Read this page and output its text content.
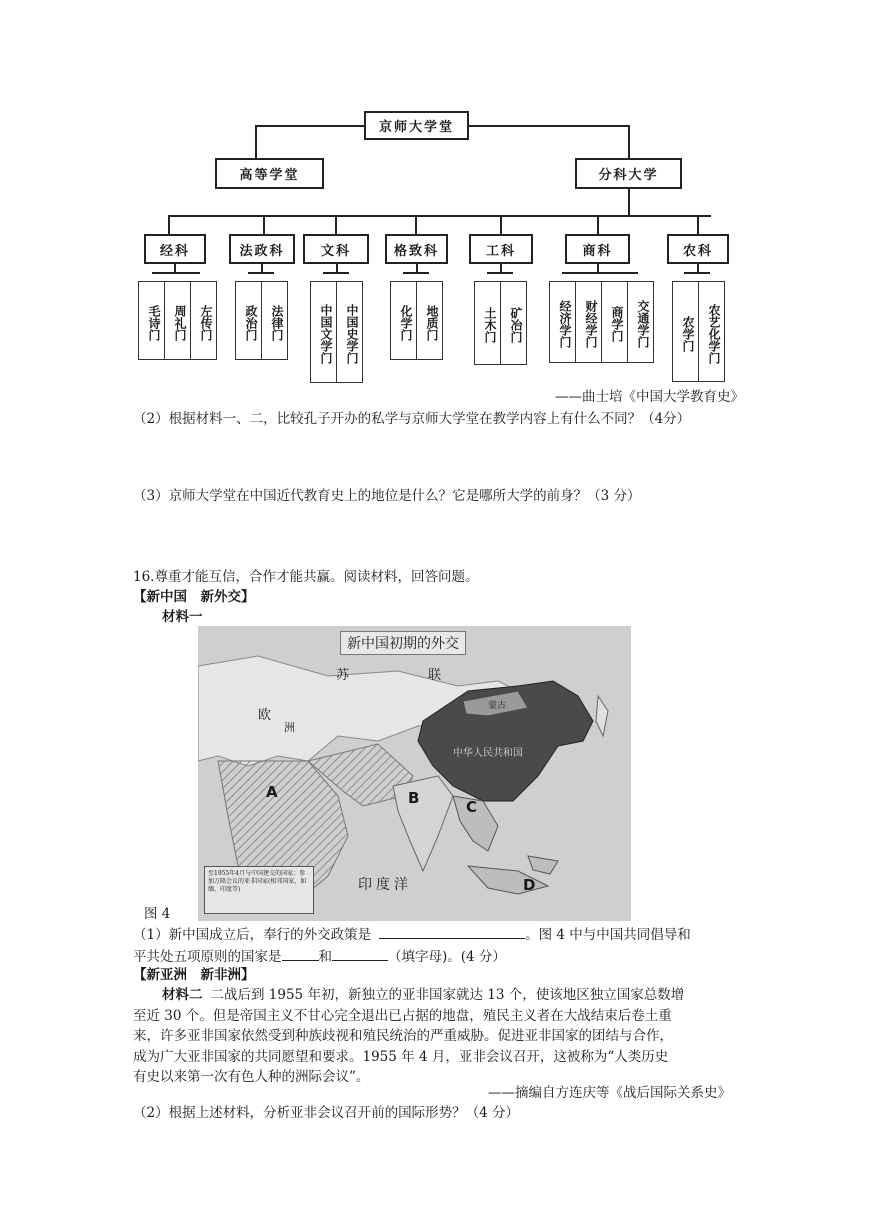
京师大学堂
高等学堂	分科大学
经科	法政科	文科	格致科	工科	商科	农科
毛诗门	周礼门	左传门	政治门	法律门	中国文学门	中国史学门	化学门	地质门	土木门	矿冶门	经济学门	财经学门	商学门	交通学门	农学门	农艺化学门
——曲士培《中国大学教育史》
（2）根据材料一、二，比较孔子开办的私学与京师大学堂在教学内容上有什么不同？（4分）
（3）京师大学堂在中国近代教育史上的地位是什么？它是哪所大学的前身？（3 分）
16.尊重才能互信，合作才能共赢。阅读材料，回答问题。
【新中国　新外交】
材料一
新中国初期的外交
苏	联
欧
洲
蒙古
中华人民共和国
印度洋
A	B	C
D
至1955年4月与中国建交的国家；参加万隆会议的亚非国家(相邻国家，如缅、印度等)
图 4
（1）新中国成立后，奉行的外交政策是	。图 4 中与中国共同倡导和
平共处五项原则的国家是	和	（填字母)。(4 分）
【新亚洲　新非洲】
材料二 二战后到 1955 年初，新独立的亚非国家就达 13 个，使该地区独立国家总数增
至近 30 个。但是帝国主义不甘心完全退出已占据的地盘，殖民主义者在大战结束后卷土重
来，许多亚非国家依然受到种族歧视和殖民统治的严重威胁。促进亚非国家的团结与合作，
成为广大亚非国家的共同愿望和要求。1955 年 4 月，亚非会议召开，这被称为“人类历史
有史以来第一次有色人种的洲际会议”。
——摘编自方连庆等《战后国际关系史》
（2）根据上述材料，分析亚非会议召开前的国际形势？（4 分）
